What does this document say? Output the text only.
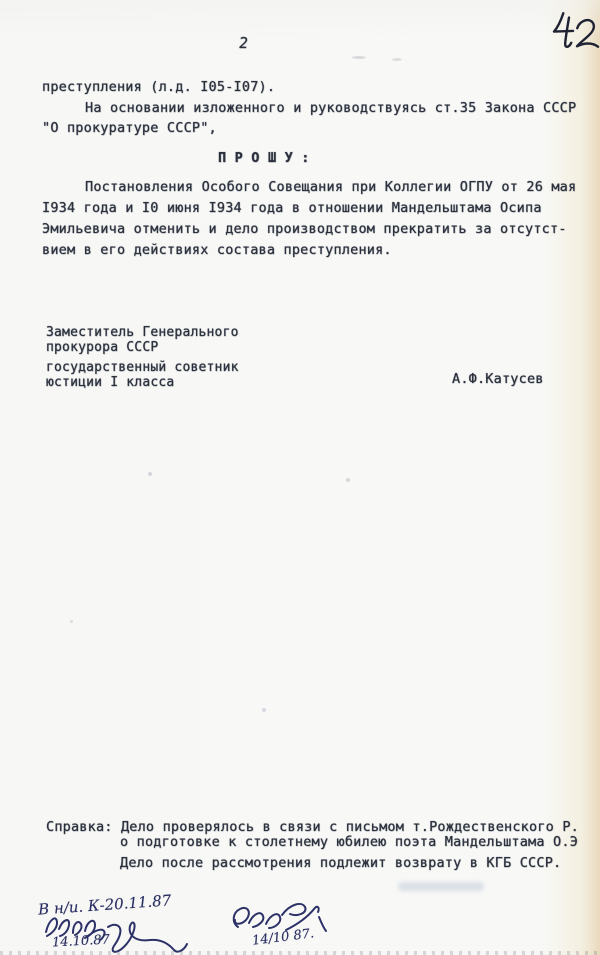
2
преступления (л.д. I05-I07).
На основании изложенного и руководствуясь ст.35 Закона СССР
"О прокуратуре СССР",
П Р О Ш У :
Постановления Особого Совещания при Коллегии ОГПУ от 26 мая
I934 года и I0 июня I934 года в отношении Мандельштама Осипа
Эмильевича отменить и дело производством прекратить за отсутст-
вием в его действиях состава преступления.
Заместитель Генерального
прокурора СССР
государственный советник
юстиции I класса	А.Ф.Катусев
Справка: Дело проверялось в связи с письмом т.Рождественского Р.
о подготовке к столетнему юбилею поэта Мандельштама О.Э
Дело после рассмотрения подлежит возврату в КГБ СССР.
В н/и. К-20.11.87
14.10.87	14/10 87.
